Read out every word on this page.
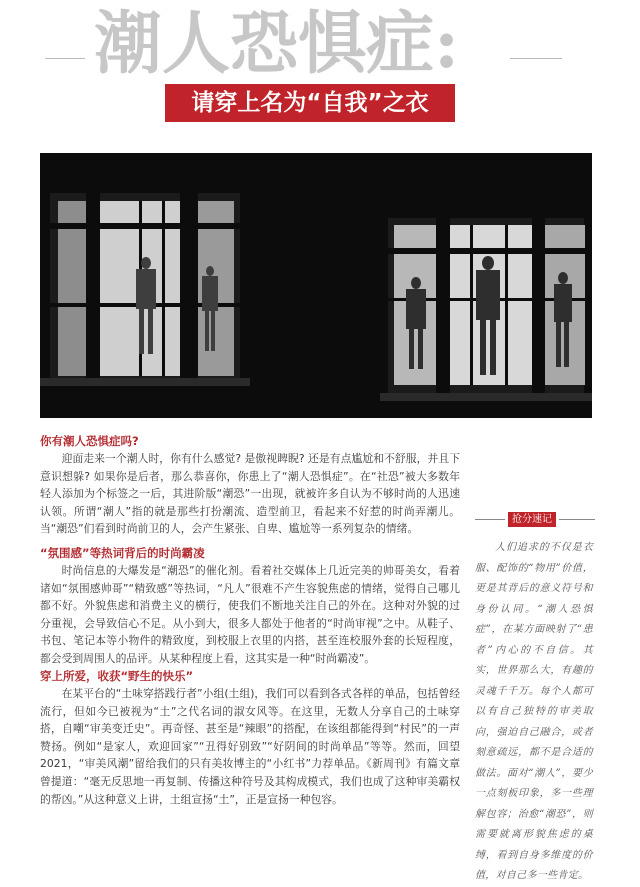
潮人恐惧症:
请穿上名为“自我”之衣
你有潮人恐惧症吗?
迎面走来一个潮人时，你有什么感觉? 是傲视睥睨? 还是有点尴尬和不舒服，并且下意识想躲? 如果你是后者，那么恭喜你，你患上了“潮人恐惧症”。在“社恐”被大多数年轻人添加为个标签之一后，其进阶版“潮恐”一出现，就被许多自认为不够时尚的人迅速认领。所谓“潮人”指的就是那些打扮潮流、造型前卫，看起来不好惹的时尚弄潮儿。当“潮恐”们看到时尚前卫的人，会产生紧张、自卑、尴尬等一系列复杂的情绪。
“氛围感”等热词背后的时尚霸凌
时尚信息的大爆发是“潮恐”的催化剂。看着社交媒体上几近完美的帅哥美女，看着诸如“氛围感帅哥”“精致感”等热词，“凡人”很难不产生容貌焦虑的情绪，觉得自己哪儿都不好。外貌焦虑和消费主义的横行，使我们不断地关注自己的外在。这种对外貌的过分重视，会导致信心不足。从小到大，很多人都处于他者的“时尚审视”之中。从鞋子、书包、笔记本等小物件的精致度，到校服上衣里的内搭，甚至连校服外套的长短程度，都会受到周围人的品评。从某种程度上看，这其实是一种“时尚霸凌”。
穿上所爱，收获“野生的快乐”
在某平台的“土味穿搭践行者”小组(土组)，我们可以看到各式各样的单品，包括曾经流行，但如今已被视为“土”之代名词的淑女风等。在这里，无数人分享自己的土味穿搭，自嘲“审美变迁史”。再奇怪、甚至是“辣眼”的搭配，在该组都能得到“村民”的一声赞扬。例如“是家人，欢迎回家”“丑得好别致”“好阴间的时尚单品”等等。然而，回望 2021，“审美风潮”留给我们的只有美妆博主的“小红书”力荐单品。《新周刊》有篇文章曾提道：“毫无反思地一再复制、传播这种符号及其构成模式，我们也成了这种审美霸权的帮凶。”从这种意义上讲，土组宣扬“土”，正是宣扬一种包容。
抢分速记
人们追求的不仅是衣服、配饰的“物用”价值，更是其背后的意义符号和身份认同。“潮人恐惧症”，在某方面映射了“患者”内心的不自信。其实，世界那么大，有趣的灵魂千千万。每个人都可以有自己独特的审美取向，强迫自己融合，或者刻意疏远，都不是合适的做法。面对“潮人”，要少一点刻板印象，多一些理解包容；治愈“潮恐”，则需要就离形貌焦虑的桌缚，看到自身多维度的价值，对自己多一些肯定。
